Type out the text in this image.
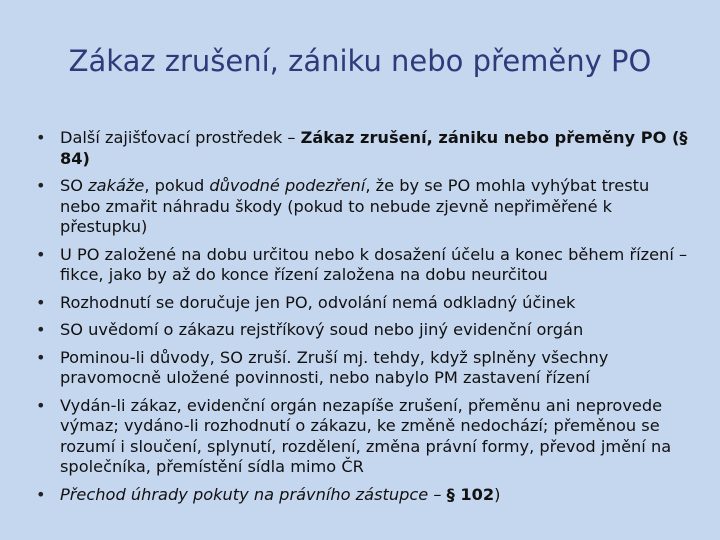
Zákaz zrušení, zániku nebo přeměny PO
• Další zajišťovací prostředek – Zákaz zrušení, zániku nebo přeměny PO (§ 84)
• SO zakáže, pokud důvodné podezření, že by se PO mohla vyhýbat trestu nebo zmařit náhradu škody (pokud to nebude zjevně nepřiměřené k přestupku)
• U PO založené na dobu určitou nebo k dosažení účelu a konec během řízení – fikce, jako by až do konce řízení založena na dobu neurčitou
• Rozhodnutí se doručuje jen PO, odvolání nemá odkladný účinek
• SO uvědomí o zákazu rejstříkový soud nebo jiný evidenční orgán
• Pominou-li důvody, SO zruší. Zruší mj. tehdy, když splněny všechny pravomocně uložené povinnosti, nebo nabylo PM zastavení řízení
• Vydán-li zákaz, evidenční orgán nezapíše zrušení, přeměnu ani neprovede výmaz; vydáno-li rozhodnutí o zákazu, ke změně nedochází; přeměnou se rozumí i sloučení, splynutí, rozdělení, změna právní formy, převod jmění na společníka, přemístění sídla mimo ČR
• Přechod úhrady pokuty na právního zástupce – § 102)
